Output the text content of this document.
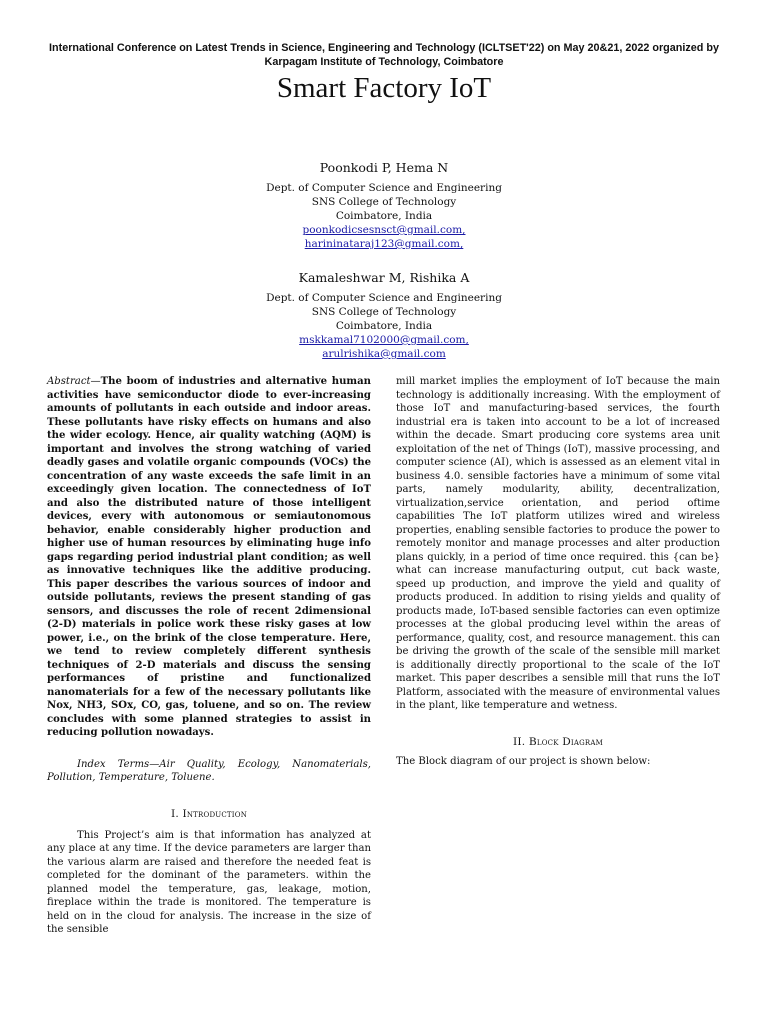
International Conference on Latest Trends in Science, Engineering and Technology (ICLTSET'22) on May 20&21, 2022 organized by Karpagam Institute of Technology, Coimbatore
Smart Factory IoT
Poonkodi P, Hema N
Dept. of Computer Science and Engineering
SNS College of Technology
Coimbatore, India
poonkodicsesnsct@gmail.com,
harininataraj123@gmail.com,
Kamaleshwar M, Rishika A
Dept. of Computer Science and Engineering
SNS College of Technology
Coimbatore, India
mskkamal7102000@gmail.com,
arulrishika@gmail.com

Abstract—The boom of industries and alternative human activities have semiconductor diode to ever-increasing amounts of pollutants in each outside and indoor areas. These pollutants have risky effects on humans and also the wider ecology. Hence, air quality watching (AQM) is important and involves the strong watching of varied deadly gases and volatile organic compounds (VOCs) the concentration of any waste exceeds the safe limit in an exceedingly given location. The connectedness of IoT and also the distributed nature of those intelligent devices, every with autonomous or semiautonomous behavior, enable considerably higher production and higher use of human resources by eliminating huge info gaps regarding period industrial plant condition; as well as innovative techniques like the additive producing. This paper describes the various sources of indoor and outside pollutants, reviews the present standing of gas sensors, and discusses the role of recent 2dimensional (2-D) materials in police work these risky gases at low power, i.e., on the brink of the close temperature. Here, we tend to review completely different synthesis techniques of 2-D materials and discuss the sensing performances of pristine and functionalized nanomaterials for a few of the necessary pollutants like Nox, NH3, SOx, CO, gas, toluene, and so on. The review concludes with some planned strategies to assist in reducing pollution nowadays.

Index Terms—Air Quality, Ecology, Nanomaterials, Pollution, Temperature, Toluene.

I. Introduction

This Project’s aim is that information has analyzed at any place at any time. If the device parameters are larger than the various alarm are raised and therefore the needed feat is completed for the dominant of the parameters. within the planned model the temperature, gas, leakage, motion, fireplace within the trade is monitored. The temperature is held on in the cloud for analysis. The increase in the size of the sensible

mill market implies the employment of IoT because the main technology is additionally increasing. With the employment of those IoT and manufacturing-based services, the fourth industrial era is taken into account to be a lot of increased within the decade. Smart producing core systems area unit exploitation of the net of Things (IoT), massive processing, and computer science (AI), which is assessed as an element vital in business 4.0. sensible factories have a minimum of some vital parts, namely modularity, ability, decentralization, virtualization,service orientation, and period oftime capabilities The IoT platform utilizes wired and wireless properties, enabling sensible factories to produce the power to remotely monitor and manage processes and alter production plans quickly, in a period of time once required. this {can be} what can increase manufacturing output, cut back waste, speed up production, and improve the yield and quality of products produced. In addition to rising yields and quality of products made, IoT-based sensible factories can even optimize processes at the global producing level within the areas of performance, quality, cost, and resource management. this can be driving the growth of the scale of the sensible mill market is additionally directly proportional to the scale of the IoT market. This paper describes a sensible mill that runs the IoT Platform, associated with the measure of environmental values in the plant, like temperature and wetness.

II. Block Diagram

The Block diagram of our project is shown below:
